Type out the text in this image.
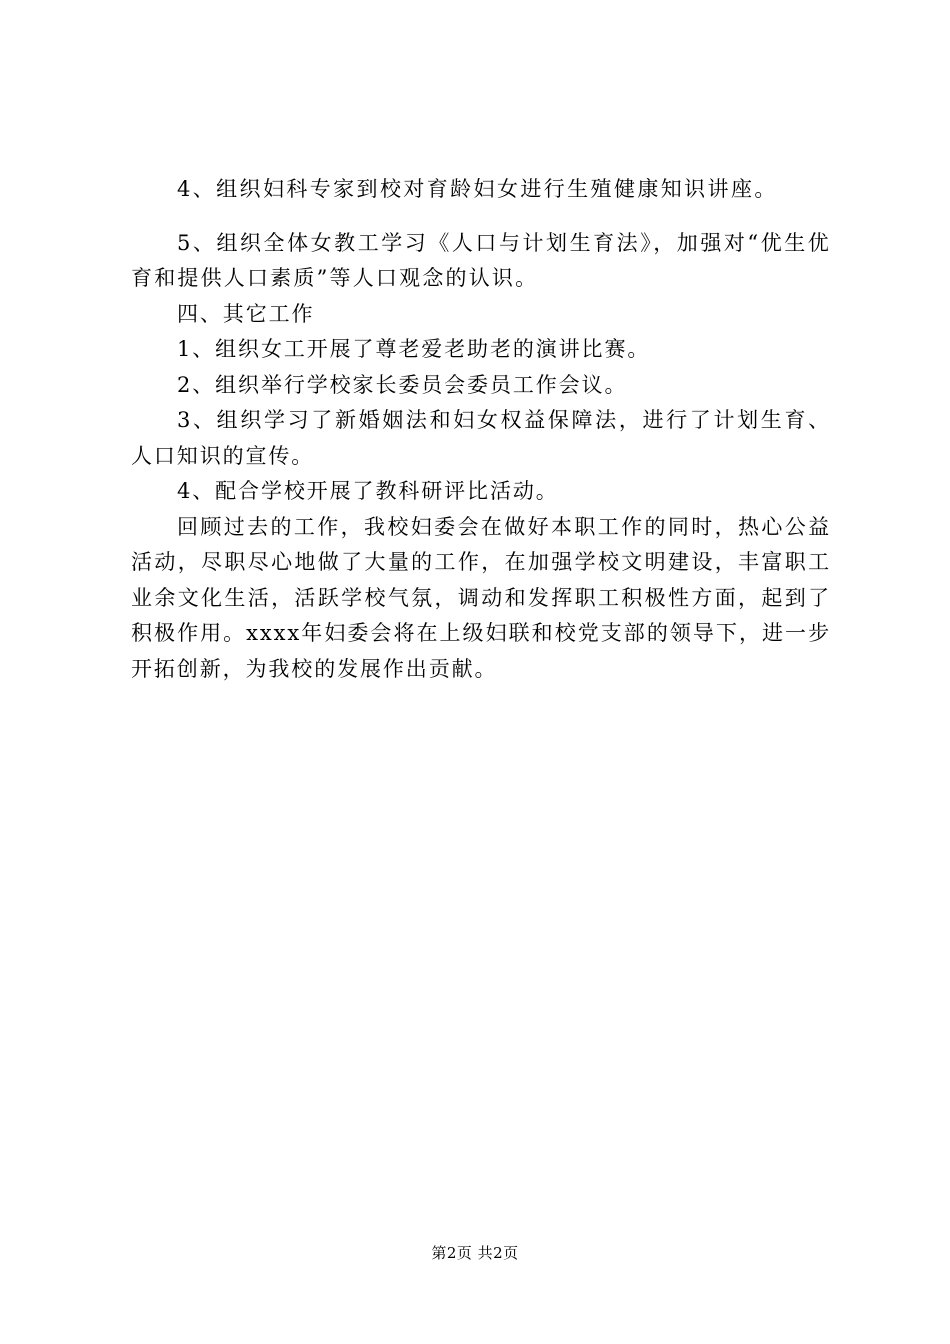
4、组织妇科专家到校对育龄妇女进行生殖健康知识讲座。

5、组织全体女教工学习《人口与计划生育法》，加强对“优生优育和提供人口素质”等人口观念的认识。

四、其它工作

1、组织女工开展了尊老爱老助老的演讲比赛。

2、组织举行学校家长委员会委员工作会议。

3、组织学习了新婚姻法和妇女权益保障法，进行了计划生育、人口知识的宣传。

4、配合学校开展了教科研评比活动。

回顾过去的工作，我校妇委会在做好本职工作的同时，热心公益活动，尽职尽心地做了大量的工作，在加强学校文明建设，丰富职工业余文化生活，活跃学校气氛，调动和发挥职工积极性方面，起到了积极作用。xxxx年妇委会将在上级妇联和校党支部的领导下，进一步开拓创新，为我校的发展作出贡献。

第2页 共2页
